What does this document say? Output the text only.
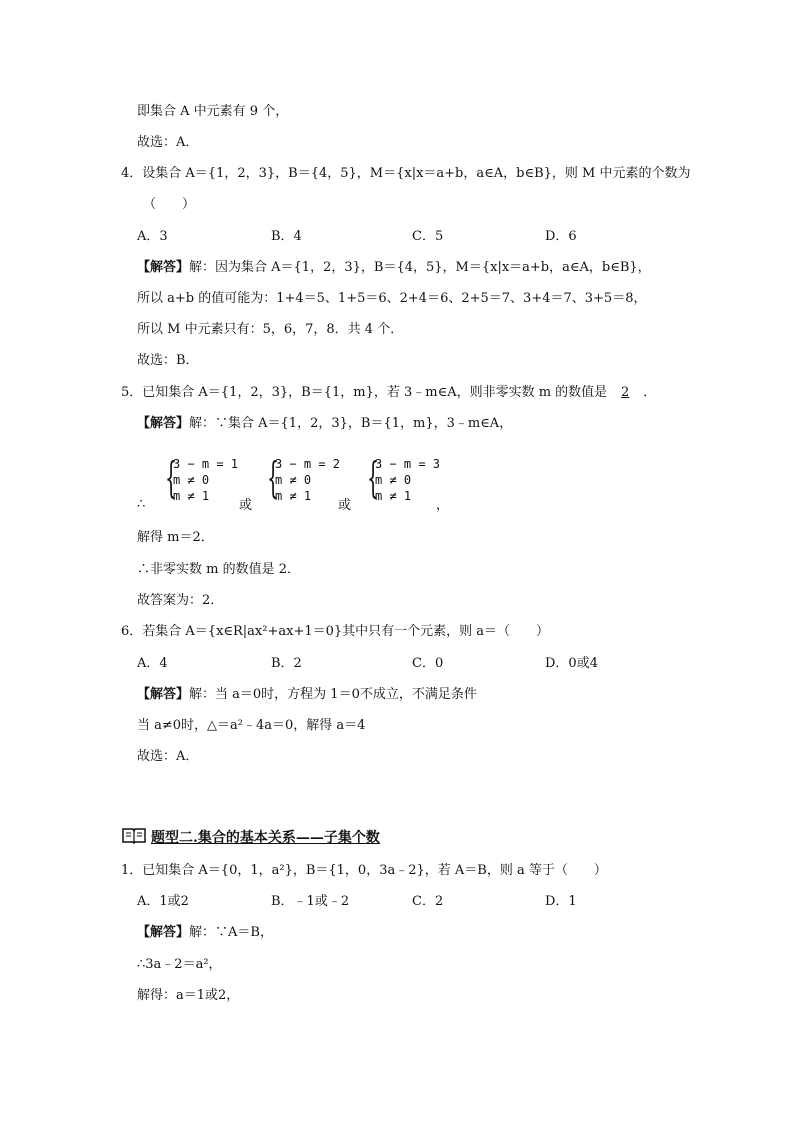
即集合 A 中元素有 9 个，
故选：A．
4．设集合 A＝{1，2，3}，B＝{4，5}，M＝{x|x＝a+b，a∈A，b∈B}，则 M 中元素的个数为
（　　）
A．3	B．4	C．5	D．6
【解答】解：因为集合 A＝{1，2，3}，B＝{4，5}，M＝{x|x＝a+b，a∈A，b∈B}，
所以 a+b 的值可能为：1+4＝5、1+5＝6、2+4＝6、2+5＝7、3+4＝7、3+5＝8，
所以 M 中元素只有：5，6，7，8．共 4 个．
故选：B．
5．已知集合 A＝{1，2，3}，B＝{1，m}，若 3﹣m∈A，则非零实数 m 的数值是 2 ．
【解答】解：∵集合 A＝{1，2，3}，B＝{1，m}，3﹣m∈A，
∴
{
3 − m = 1
m ≠ 0
m ≠ 1
或
{
3 − m = 2
m ≠ 0
m ≠ 1
或
{
3 − m = 3
m ≠ 0
m ≠ 1
，
解得 m＝2．
∴非零实数 m 的数值是 2．
故答案为：2．
6．若集合 A＝{x∈R|ax²+ax+1＝0}其中只有一个元素，则 a＝（　　）
A．4	B．2	C．0	D．0或4
【解答】解：当 a＝0时，方程为 1＝0不成立，不满足条件
当 a≠0时，△＝a²﹣4a＝0，解得 a＝4
故选：A．
题型二.集合的基本关系——子集个数
1．已知集合 A＝{0，1，a²}，B＝{1，0，3a﹣2}，若 A＝B，则 a 等于（　　）
A．1或2	B．﹣1或﹣2	C．2	D．1
【解答】解：∵A＝B，
∴3a﹣2＝a²，
解得：a＝1或2，
